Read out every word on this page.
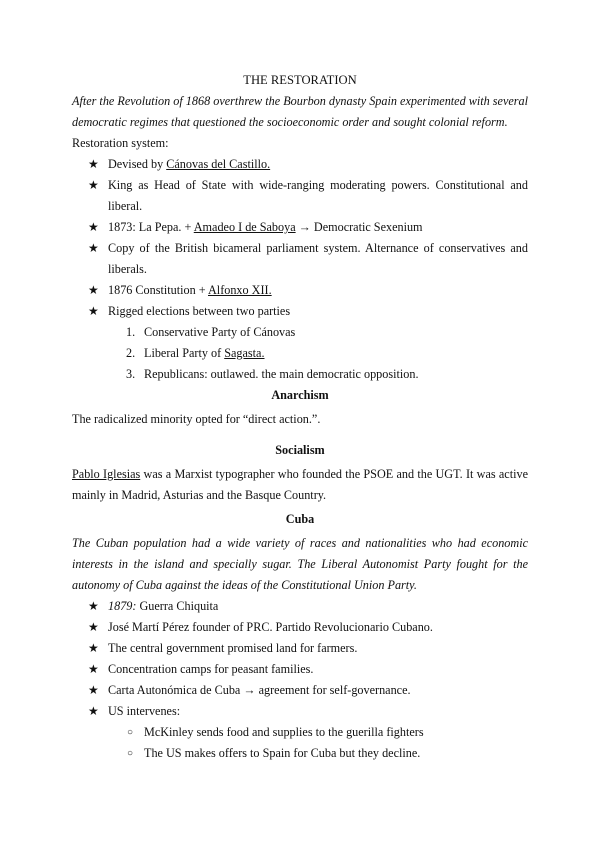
THE RESTORATION
After the Revolution of 1868 overthrew the Bourbon dynasty Spain experimented with several democratic regimes that questioned the socioeconomic order and sought colonial reform.
Restoration system:
★ Devised by Cánovas del Castillo.
★ King as Head of State with wide-ranging moderating powers. Constitutional and liberal.
★ 1873: La Pepa. + Amadeo I de Saboya → Democratic Sexenium
★ Copy of the British bicameral parliament system. Alternance of conservatives and liberals.
★ 1876 Constitution + Alfonxo XII.
★ Rigged elections between two parties
1. Conservative Party of Cánovas
2. Liberal Party of Sagasta.
3. Republicans: outlawed. the main democratic opposition.
Anarchism
The radicalized minority opted for “direct action.”.
Socialism
Pablo Iglesias was a Marxist typographer who founded the PSOE and the UGT. It was active mainly in Madrid, Asturias and the Basque Country.
Cuba
The Cuban population had a wide variety of races and nationalities who had economic interests in the island and specially sugar. The Liberal Autonomist Party fought for the autonomy of Cuba against the ideas of the Constitutional Union Party.
★ 1879: Guerra Chiquita
★ José Martí Pérez founder of PRC. Partido Revolucionario Cubano.
★ The central government promised land for farmers.
★ Concentration camps for peasant families.
★ Carta Autonómica de Cuba → agreement for self-governance.
★ US intervenes:
○ McKinley sends food and supplies to the guerilla fighters
○ The US makes offers to Spain for Cuba but they decline.
